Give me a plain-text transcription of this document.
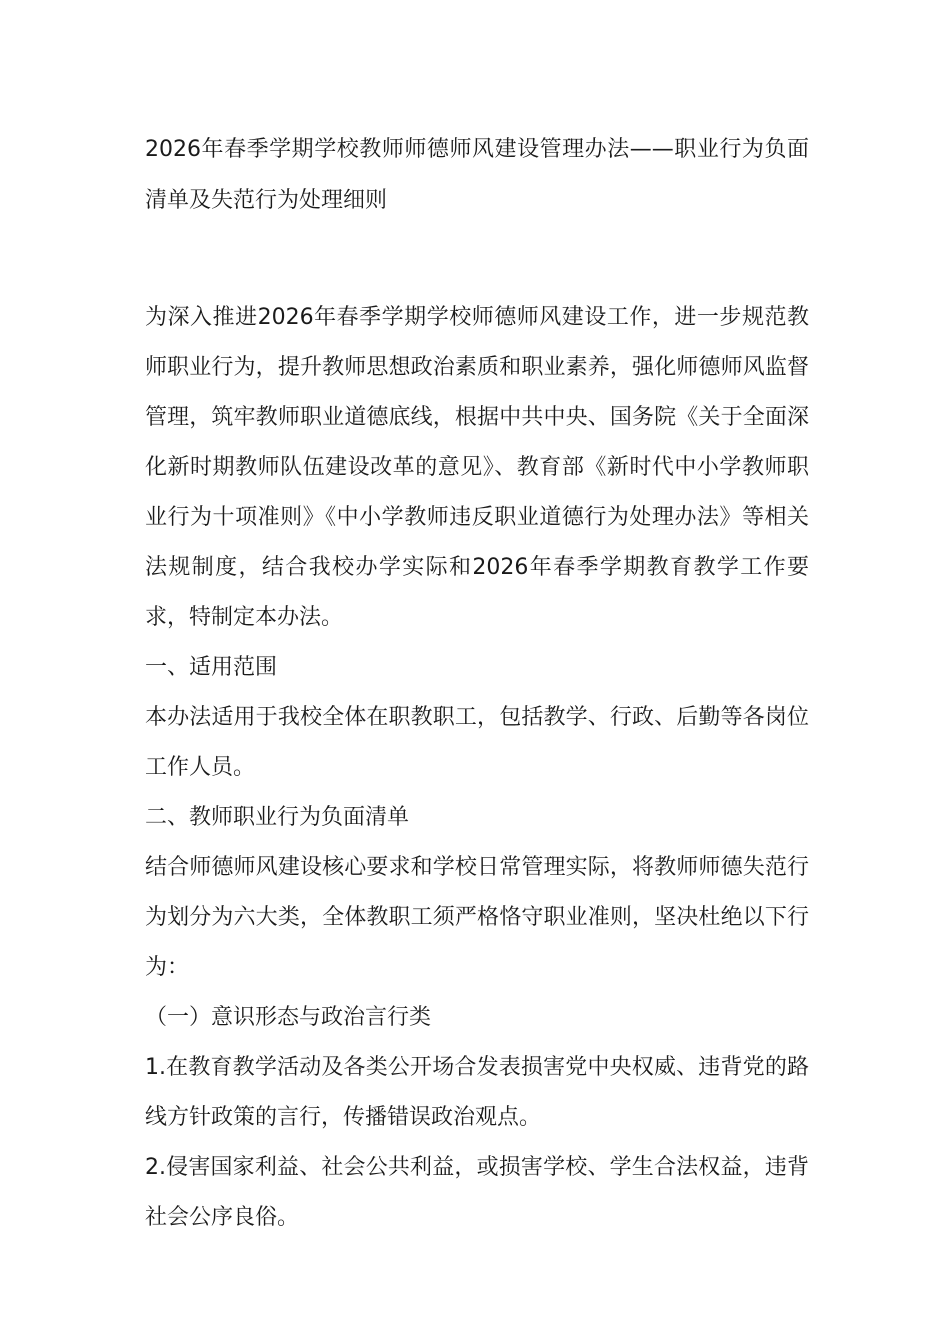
2026年春季学期学校教师师德师风建设管理办法——职业行为负面清单及失范行为处理细则

为深入推进2026年春季学期学校师德师风建设工作，进一步规范教师职业行为，提升教师思想政治素质和职业素养，强化师德师风监督管理，筑牢教师职业道德底线，根据中共中央、国务院《关于全面深化新时期教师队伍建设改革的意见》、教育部《新时代中小学教师职业行为十项准则》《中小学教师违反职业道德行为处理办法》等相关法规制度，结合我校办学实际和2026年春季学期教育教学工作要求，特制定本办法。

一、适用范围

本办法适用于我校全体在职教职工，包括教学、行政、后勤等各岗位工作人员。

二、教师职业行为负面清单

结合师德师风建设核心要求和学校日常管理实际，将教师师德失范行为划分为六大类，全体教职工须严格恪守职业准则，坚决杜绝以下行为：

（一）意识形态与政治言行类

1.在教育教学活动及各类公开场合发表损害党中央权威、违背党的路线方针政策的言行，传播错误政治观点。

2.侵害国家利益、社会公共利益，或损害学校、学生合法权益，违背社会公序良俗。
